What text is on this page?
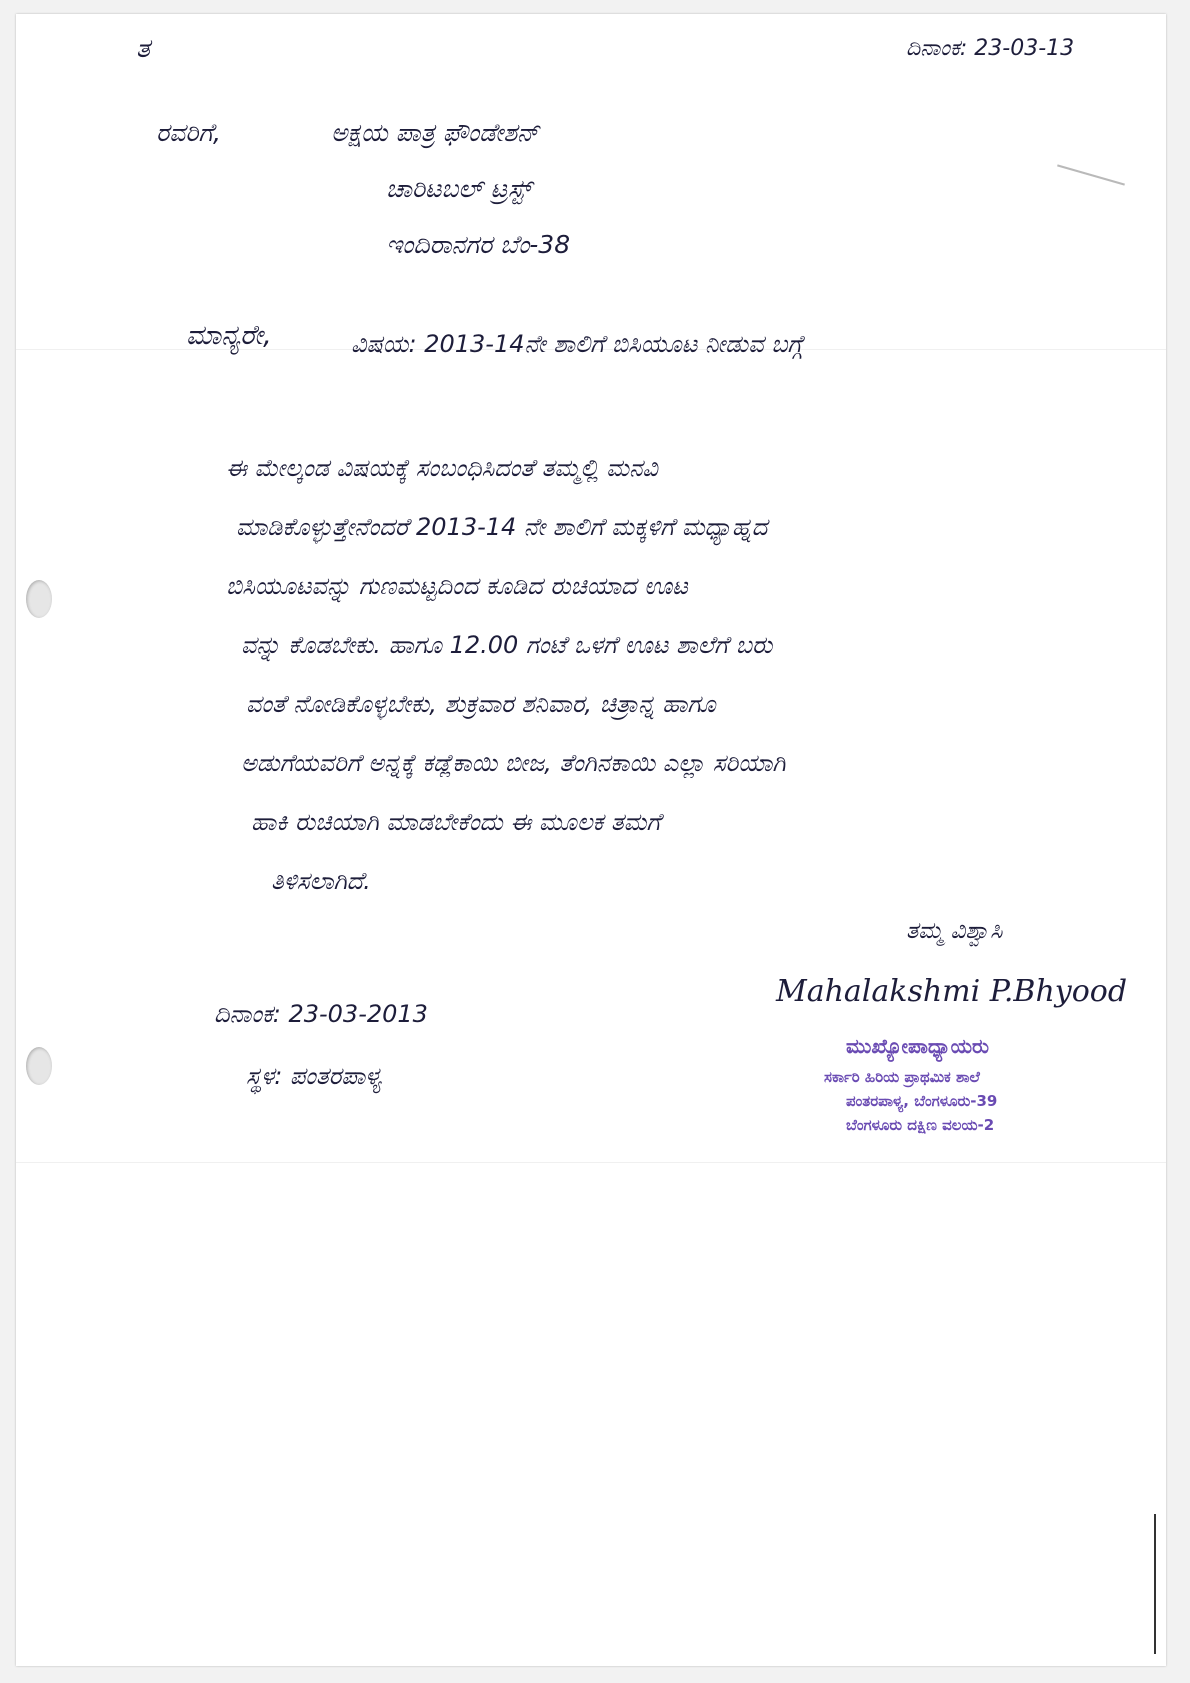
ತ	ದಿನಾಂಕ: 23-03-13
ರವರಿಗೆ,	ಅಕ್ಷಯ ಪಾತ್ರ ಫೌಂಡೇಶನ್
ಚಾರಿಟಬಲ್ ಟ್ರಸ್ಟ್
ಇಂದಿರಾನಗರ ಬೆಂ-38
ಮಾನ್ಯರೇ,	ವಿಷಯ: 2013-14ನೇ ಶಾಲಿಗೆ ಬಿಸಿಯೂಟ ನೀಡುವ ಬಗ್ಗೆ
ಈ ಮೇಲ್ಕಂಡ ವಿಷಯಕ್ಕೆ ಸಂಬಂಧಿಸಿದಂತೆ ತಮ್ಮಲ್ಲಿ ಮನವಿ
ಮಾಡಿಕೊಳ್ಳುತ್ತೇನೆಂದರೆ 2013-14 ನೇ ಶಾಲಿಗೆ ಮಕ್ಕಳಿಗೆ ಮಧ್ಯಾಹ್ನದ
ಬಿಸಿಯೂಟವನ್ನು ಗುಣಮಟ್ಟದಿಂದ ಕೂಡಿದ ರುಚಿಯಾದ ಊಟ
ವನ್ನು ಕೊಡಬೇಕು. ಹಾಗೂ 12.00 ಗಂಟೆ ಒಳಗೆ ಊಟ ಶಾಲೆಗೆ ಬರು
ವಂತೆ ನೋಡಿಕೊಳ್ಳಬೇಕು, ಶುಕ್ರವಾರ ಶನಿವಾರ, ಚಿತ್ರಾನ್ನ ಹಾಗೂ
ಅಡುಗೆಯವರಿಗೆ ಅನ್ನಕ್ಕೆ ಕಡ್ಲೆಕಾಯಿ ಬೀಜ, ತೆಂಗಿನಕಾಯಿ ಎಲ್ಲಾ ಸರಿಯಾಗಿ
ಹಾಕಿ ರುಚಿಯಾಗಿ ಮಾಡಬೇಕೆಂದು ಈ ಮೂಲಕ ತಮಗೆ
ತಿಳಿಸಲಾಗಿದೆ.
ತಮ್ಮ ವಿಶ್ವಾಸಿ
Mahalakshmi P.Bhyood
ದಿನಾಂಕ: 23-03-2013
ಸ್ಥಳ: ಪಂತರಪಾಳ್ಯ
ಮುಖ್ಯೋಪಾಧ್ಯಾಯರು
ಸರ್ಕಾರಿ ಹಿರಿಯ ಪ್ರಾಥಮಿಕ ಶಾಲೆ
ಪಂತರಪಾಳ್ಯ, ಬೆಂಗಳೂರು-39
ಬೆಂಗಳೂರು ದಕ್ಷಿಣ ವಲಯ-2
